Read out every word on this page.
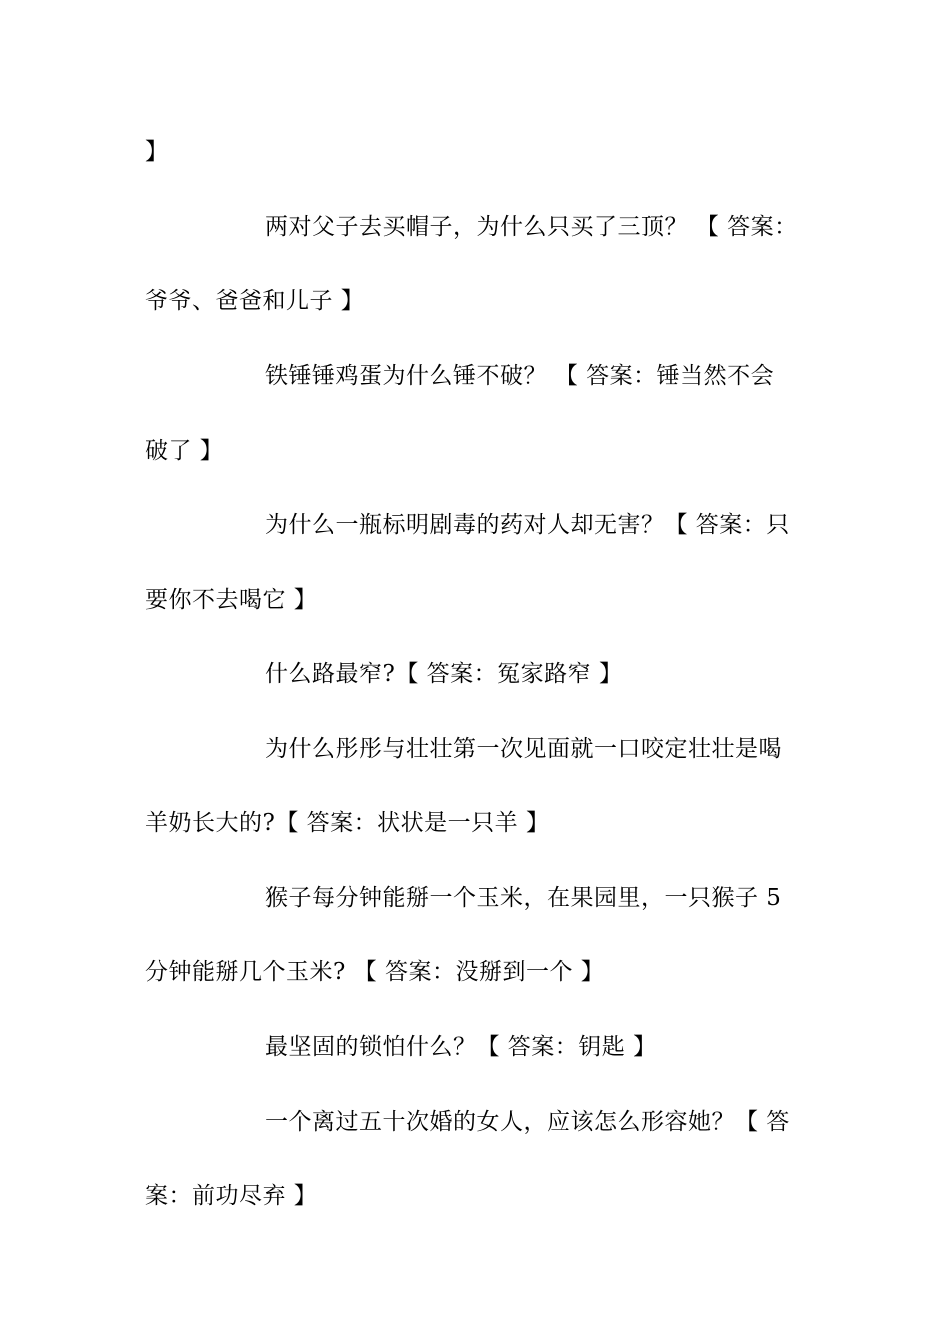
】
两对父子去买帽子，为什么只买了三顶？ 【 答案：
爷爷、爸爸和儿子 】
铁锤锤鸡蛋为什么锤不破？ 【 答案：锤当然不会
破了 】
为什么一瓶标明剧毒的药对人却无害？【 答案：只
要你不去喝它 】
什么路最窄?【 答案：冤家路窄 】
为什么彤彤与壮壮第一次见面就一口咬定壮壮是喝
羊奶长大的?【 答案：状状是一只羊 】
猴子每分钟能掰一个玉米，在果园里，一只猴子 5
分钟能掰几个玉米? 【 答案：没掰到一个 】
最坚固的锁怕什么？【 答案：钥匙 】
一个离过五十次婚的女人，应该怎么形容她？【 答
案：前功尽弃 】
